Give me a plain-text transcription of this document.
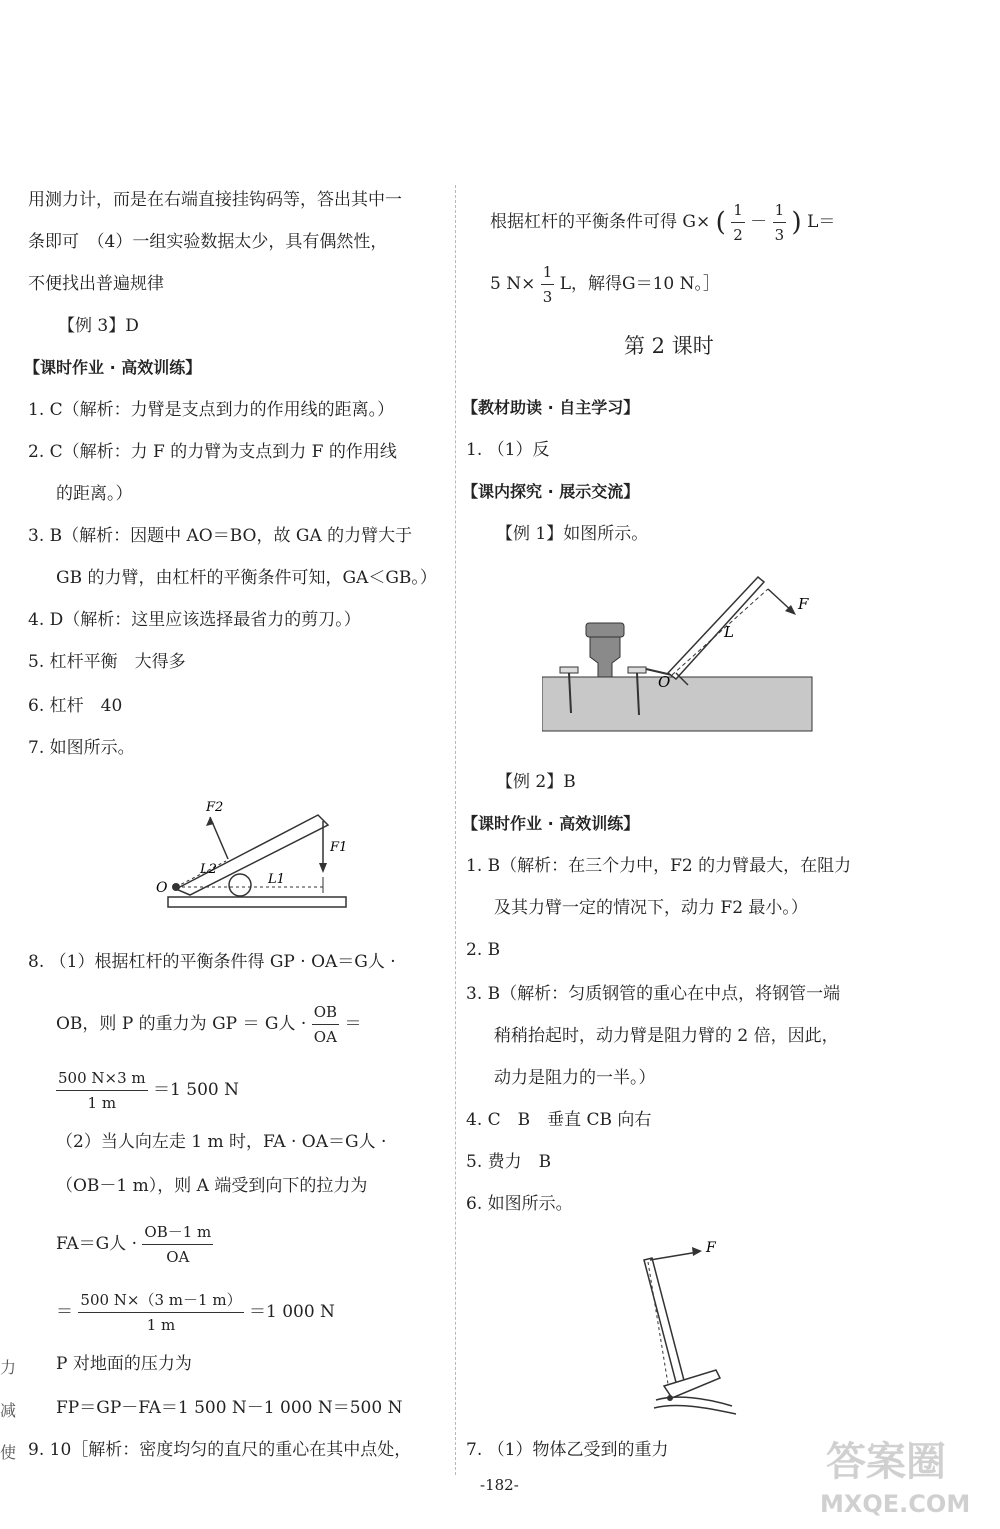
力
减
使
用测力计，而是在右端直接挂钩码等，答出其中一
条即可　（4）一组实验数据太少，具有偶然性，
不便找出普遍规律
【例 3】D
【课时作业 · 高效训练】
1. C（解析：力臂是支点到力的作用线的距离。）
2. C（解析：力 F 的力臂为支点到力 F 的作用线
的距离。）
3. B（解析：因题中 AO＝BO，故 GA 的力臂大于
GB 的力臂，由杠杆的平衡条件可知，GA＜GB。）
4. D（解析：这里应该选择最省力的剪刀。）
5. 杠杆平衡　大得多
6. 杠杆　40
7. 如图所示。
F2
F1
L2
L1
O
8. （1）根据杠杆的平衡条件得 GP · OA＝G人 ·
OB，则 P 的重力为 GP ＝ G人 · $\frac{OB}{OA}$ ＝
$\frac{500 N\times 3 m}{1 m} =1$ 500 N
（2）当人向左走 1 m 时，FA · OA＝G人 ·
（OB－1 m），则 A 端受到向下的拉力为
FA＝G人 · $\frac{OB-1 m}{OA}$
＝ $\frac{500 N\times(3 m-1 m)}{1 m} =1$ 000 N
P 对地面的压力为
FP＝GP－FA＝1 500 N－1 000 N＝500 N
9. 10［解析：密度均匀的直尺的重心在其中点处，
根据杠杆的平衡条件可得 G× ( $\frac{1}{2} - \frac{1}{3}$ ) L＝
5 $N\times \frac{1}{3}$ L，解得G＝10 N。］
第 2 课时
【教材助读 · 自主学习】
1. （1）反
【课内探究 · 展示交流】
【例 1】如图所示。
O
L
F
【例 2】B
【课时作业 · 高效训练】
1. B（解析：在三个力中，F2 的力臂最大，在阻力
及其力臂一定的情况下，动力 F2 最小。）
2. B
3. B（解析：匀质钢管的重心在中点，将钢管一端
稍稍抬起时，动力臂是阻力臂的 2 倍，因此，
动力是阻力的一半。）
4. C　B　垂直 CB 向右
5. 费力　B
6. 如图所示。
F
7. （1）物体乙受到的重力
-182-	答案圈
MXQE.COM
